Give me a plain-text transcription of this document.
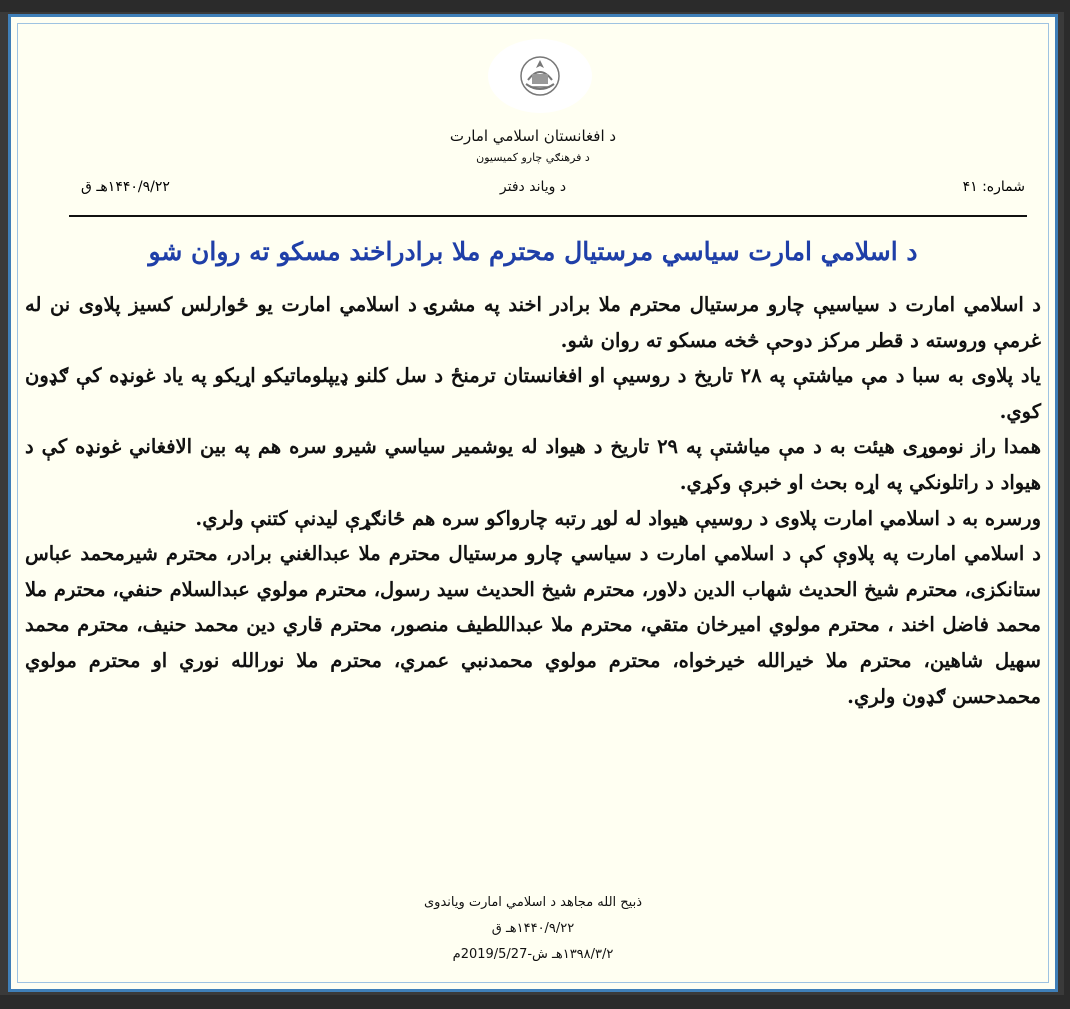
د افغانستان اسلامي امارت
د فرهنګي چارو کميسيون
د وياند دفتر	شماره: ۴۱
۱۴۴۰/۹/۲۲هـ ق
د اسلامي امارت سياسي مرستيال محترم ملا برادراخند مسکو ته روان شو

د اسلامي امارت د سياسيې چارو مرستيال محترم ملا برادر اخند په مشرۍ د اسلامي امارت يو ځوارلس کسيز پلاوى نن له غرمې وروسته د قطر مرکز دوحې څخه مسکو ته روان شو.

ياد پلاوى به سبا د مې مياشتې په ۲۸ تاريخ د روسيې او افغانستان ترمنځ د سل کلنو ډيپلوماتيکو اړيکو په ياد غونډه کې ګډون کوي.

همدا راز نوموړى هيئت به د مې مياشتې په ۲۹ تاريخ د هيواد له يوشمير سياسي شيرو سره هم په بين الافغاني غونډه کې د هيواد د راتلونکي په اړه بحث او خبرې وکړي.

ورسره به د اسلامي امارت پلاوى د روسيې هيواد له لوړ رتبه چارواکو سره هم ځانګړې ليدنې کتنې ولري.

د اسلامي امارت په پلاوې کې د اسلامي امارت د سياسي چارو مرستيال محترم ملا عبدالغني برادر، محترم شيرمحمد عباس ستانکزى، محترم شيخ الحديث شهاب الدين دلاور، محترم شيخ الحديث سيد رسول، محترم مولوي عبدالسلام حنفي، محترم ملا محمد فاضل اخند ، محترم مولوي اميرخان متقي، محترم ملا عبداللطيف منصور، محترم قاري دين محمد حنيف، محترم محمد سهيل شاهين، محترم ملا خيرالله خيرخواه، محترم مولوي محمدنبي عمري، محترم ملا نورالله نوري او محترم مولوي محمدحسن ګډون ولري.

ذبيح الله مجاهد د اسلامي امارت وياندوى
۱۴۴۰/۹/۲۲هـ ق
۱۳۹۸/۳/۲هـ ش-2019/5/27م
